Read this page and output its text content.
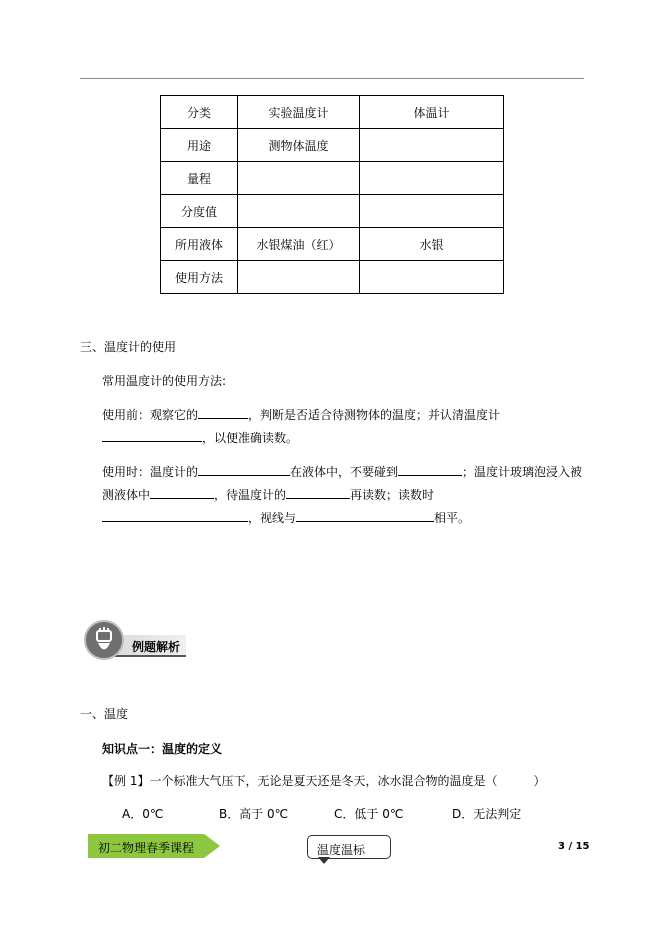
分类	实验温度计	体温计
用途	测物体温度	
量程		
分度值		
所用液体	水银煤油（红）	水银
使用方法		
三、温度计的使用
常用温度计的使用方法:
使用前：观察它的	，判断是否适合待测物体的温度；并认清温度计
，以便准确读数。
使用时：温度计的	在液体中，不要碰到	；温度计玻璃泡浸入被
测液体中	，待温度计的	再读数；读数时
，视线与	相平。
例题解析
一、温度
知识点一：温度的定义
【例 1】一个标准大气压下，无论是夏天还是冬天，冰水混合物的温度是（　　　）
A．0℃	B．高于 0℃	C．低于 0℃	D．无法判定
初二物理春季课程	温度温标	3 / 15
